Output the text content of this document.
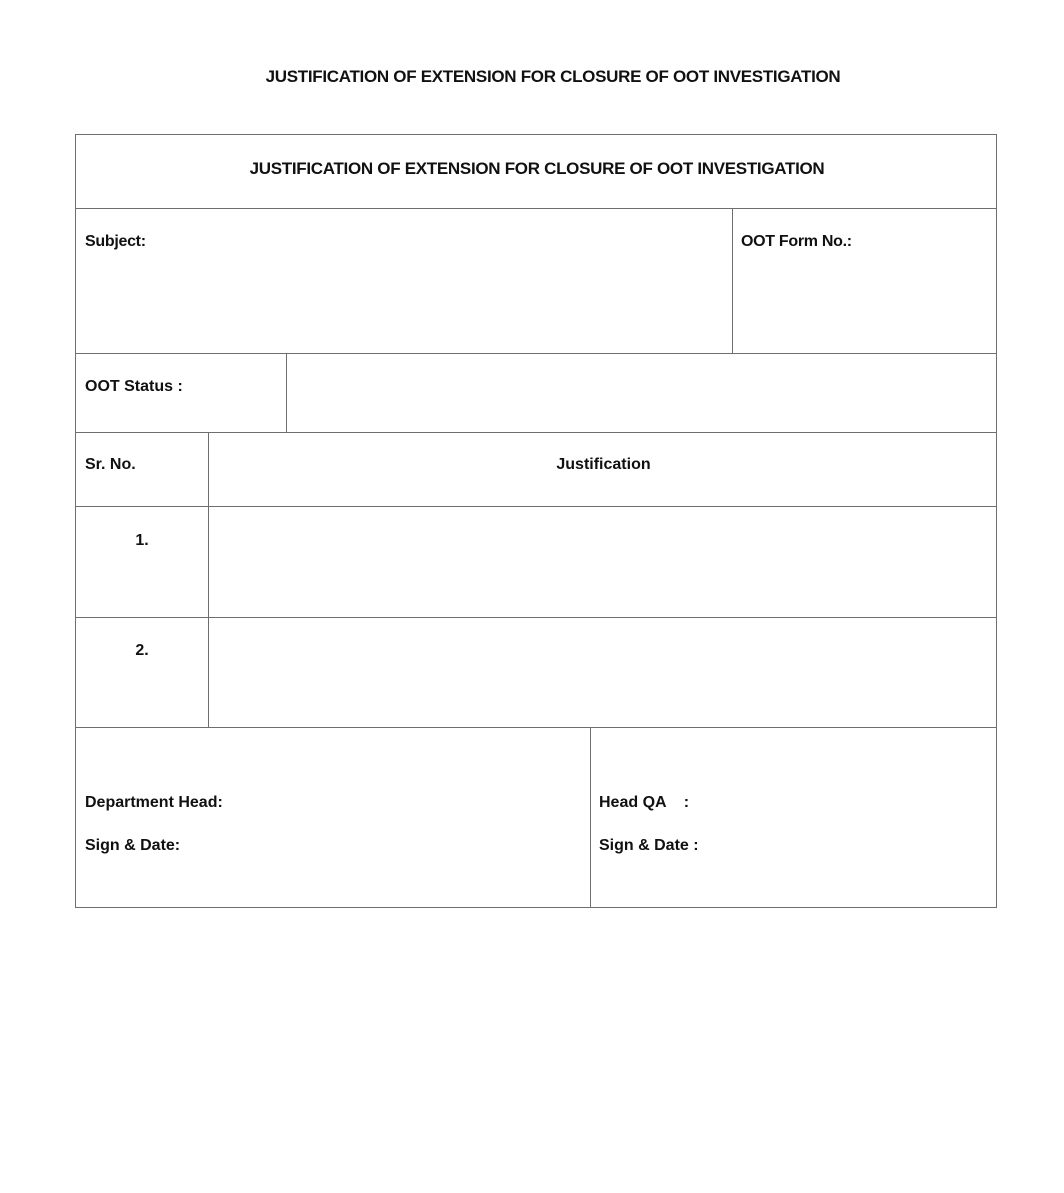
JUSTIFICATION OF EXTENSION FOR CLOSURE OF OOT INVESTIGATION
JUSTIFICATION OF EXTENSION FOR CLOSURE OF OOT INVESTIGATION
Subject:	OOT Form No.:
OOT Status :
Sr. No.	Justification
1.
2.
Department Head:
Sign & Date:
Head QA    :
Sign & Date :
